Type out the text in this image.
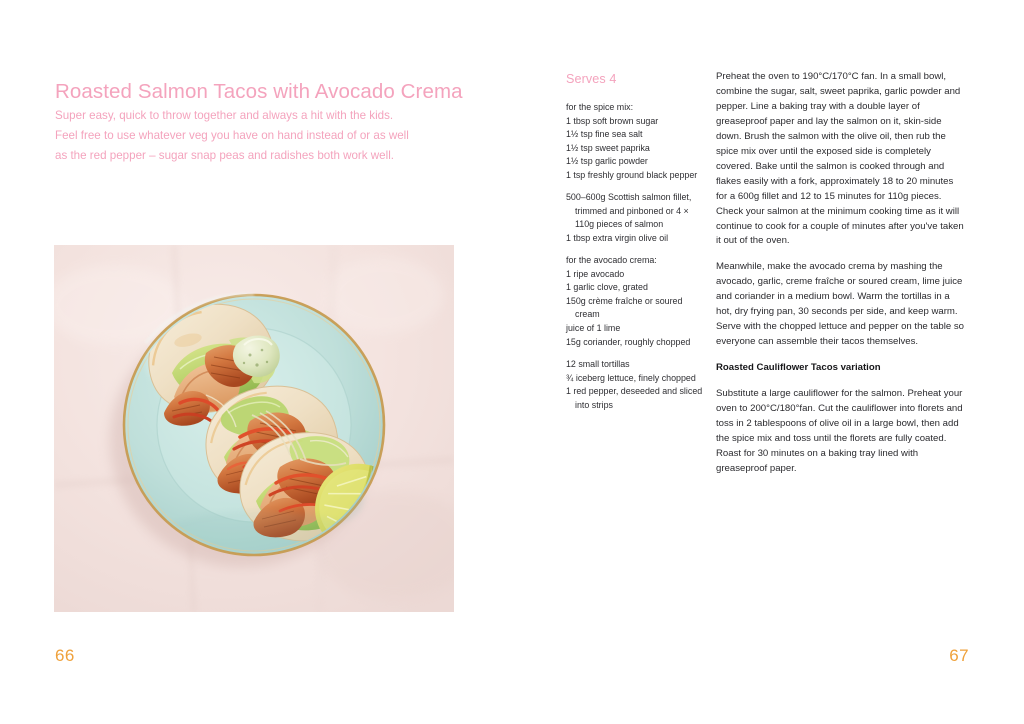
Roasted Salmon Tacos with Avocado Crema
Super easy, quick to throw together and always a hit with the kids.
Feel free to use whatever veg you have on hand instead of or as well
as the red pepper – sugar snap peas and radishes both work well.
66
Serves 4
for the spice mix:
1 tbsp soft brown sugar
1½ tsp fine sea salt
1½ tsp sweet paprika
1½ tsp garlic powder
1 tsp freshly ground black pepper
500–600g Scottish salmon fillet, trimmed and pinboned or 4 × 110g pieces of salmon
1 tbsp extra virgin olive oil
for the avocado crema:
1 ripe avocado
1 garlic clove, grated
150g crème fraîche or soured cream
juice of 1 lime
15g coriander, roughly chopped
12 small tortillas
¾ iceberg lettuce, finely chopped
1 red pepper, deseeded and sliced into strips

Preheat the oven to 190°C/170°C fan. In a small bowl, combine the sugar, salt, sweet paprika, garlic powder and pepper. Line a baking tray with a double layer of greaseproof paper and lay the salmon on it, skin-side down. Brush the salmon with the olive oil, then rub the spice mix over until the exposed side is completely covered. Bake until the salmon is cooked through and flakes easily with a fork, approximately 18 to 20 minutes for a 600g fillet and 12 to 15 minutes for 110g pieces. Check your salmon at the minimum cooking time as it will continue to cook for a couple of minutes after you've taken it out of the oven.

Meanwhile, make the avocado crema by mashing the avocado, garlic, creme fraîche or soured cream, lime juice and coriander in a medium bowl. Warm the tortillas in a hot, dry frying pan, 30 seconds per side, and keep warm. Serve with the chopped lettuce and pepper on the table so everyone can assemble their tacos themselves.

Roasted Cauliflower Tacos variation

Substitute a large cauliflower for the salmon. Preheat your oven to 200°C/180°fan. Cut the cauliflower into florets and toss in 2 tablespoons of olive oil in a large bowl, then add the spice mix and toss until the florets are fully coated. Roast for 30 minutes on a baking tray lined with greaseproof paper.

67
